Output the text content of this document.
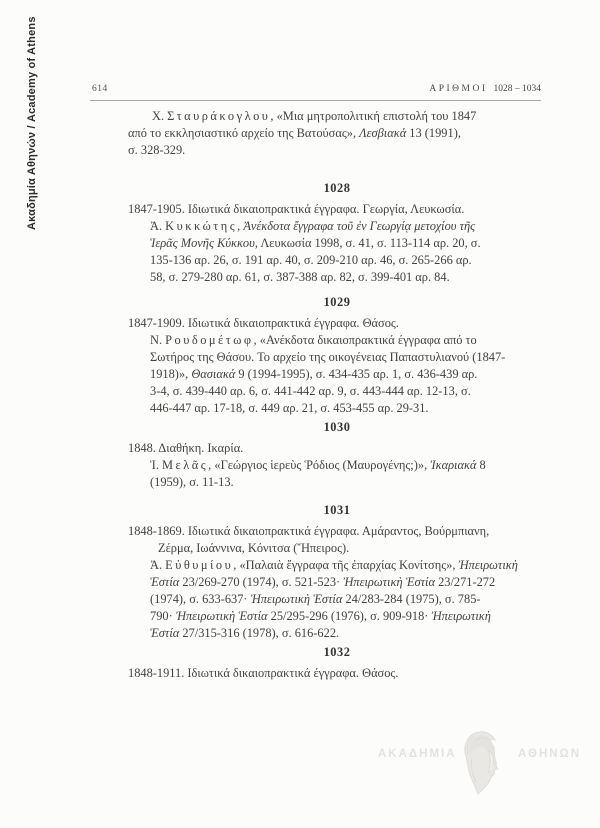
Ακαδημία Αθηνών / Academy of Athens	614	ΑΡΙΘΜΟΙ 1028 – 1034
Χ. Σταυράκογλου, «Μια μητροπολιτική επιστολή του 1847
από το εκκλησιαστικό αρχείο της Βατούσας», Λεσβιακά 13 (1991),
σ. 328-329.
1028
1847-1905. Ιδιωτικά δικαιοπρακτικά έγγραφα. Γεωργία, Λευκωσία.
Ἀ. Κυκκώτης, Ἀνέκδοτα ἔγγραφα τοῦ ἐν Γεωργίᾳ μετοχίου τῆς
Ἱερᾶς Μονῆς Κύκκου, Λευκωσία 1998, σ. 41, σ. 113-114 αρ. 20, σ.
135-136 αρ. 26, σ. 191 αρ. 40, σ. 209-210 αρ. 46, σ. 265-266 αρ.
58, σ. 279-280 αρ. 61, σ. 387-388 αρ. 82, σ. 399-401 αρ. 84.
1029
1847-1909. Ιδιωτικά δικαιοπρακτικά έγγραφα. Θάσος.
Ν. Ρουδομέτωφ, «Ανέκδοτα δικαιοπρακτικά έγγραφα από το
Σωτήρος της Θάσου. Το αρχείο της οικογένειας Παπαστυλιανού (1847-
1918)», Θασιακά 9 (1994-1995), σ. 434-435 αρ. 1, σ. 436-439 αρ.
3-4, σ. 439-440 αρ. 6, σ. 441-442 αρ. 9, σ. 443-444 αρ. 12-13, σ.
446-447 αρ. 17-18, σ. 449 αρ. 21, σ. 453-455 αρ. 29-31.
1030
1848. Διαθήκη. Ικαρία.
Ἰ. Μελᾶς, «Γεώργιος ἱερεὺς Ῥόδιος (Μαυρογένης;)», Ἰκαριακά 8
(1959), σ. 11-13.
1031
1848-1869. Ιδιωτικά δικαιοπρακτικά έγγραφα. Αμάραντος, Βούρμπιανη,
Ζέρμα, Ιωάννινα, Κόνιτσα (Ἤπειρος).
Ἀ. Εὐθυμίου, «Παλαιὰ ἔγγραφα τῆς ἐπαρχίας Κονίτσης», Ἠπειρωτικὴ
Ἑστία 23/269-270 (1974), σ. 521-523· Ἠπειρωτικὴ Ἑστία 23/271-272
(1974), σ. 633-637· Ἠπειρωτικὴ Ἑστία 24/283-284 (1975), σ. 785-
790· Ἠπειρωτικὴ Ἑστία 25/295-296 (1976), σ. 909-918· Ἠπειρωτικὴ
Ἑστία 27/315-316 (1978), σ. 616-622.
1032
1848-1911. Ιδιωτικά δικαιοπρακτικά έγγραφα. Θάσος.
ΑΚΑΔΗΜΙΑ	ΑΘΗΝΩΝ
